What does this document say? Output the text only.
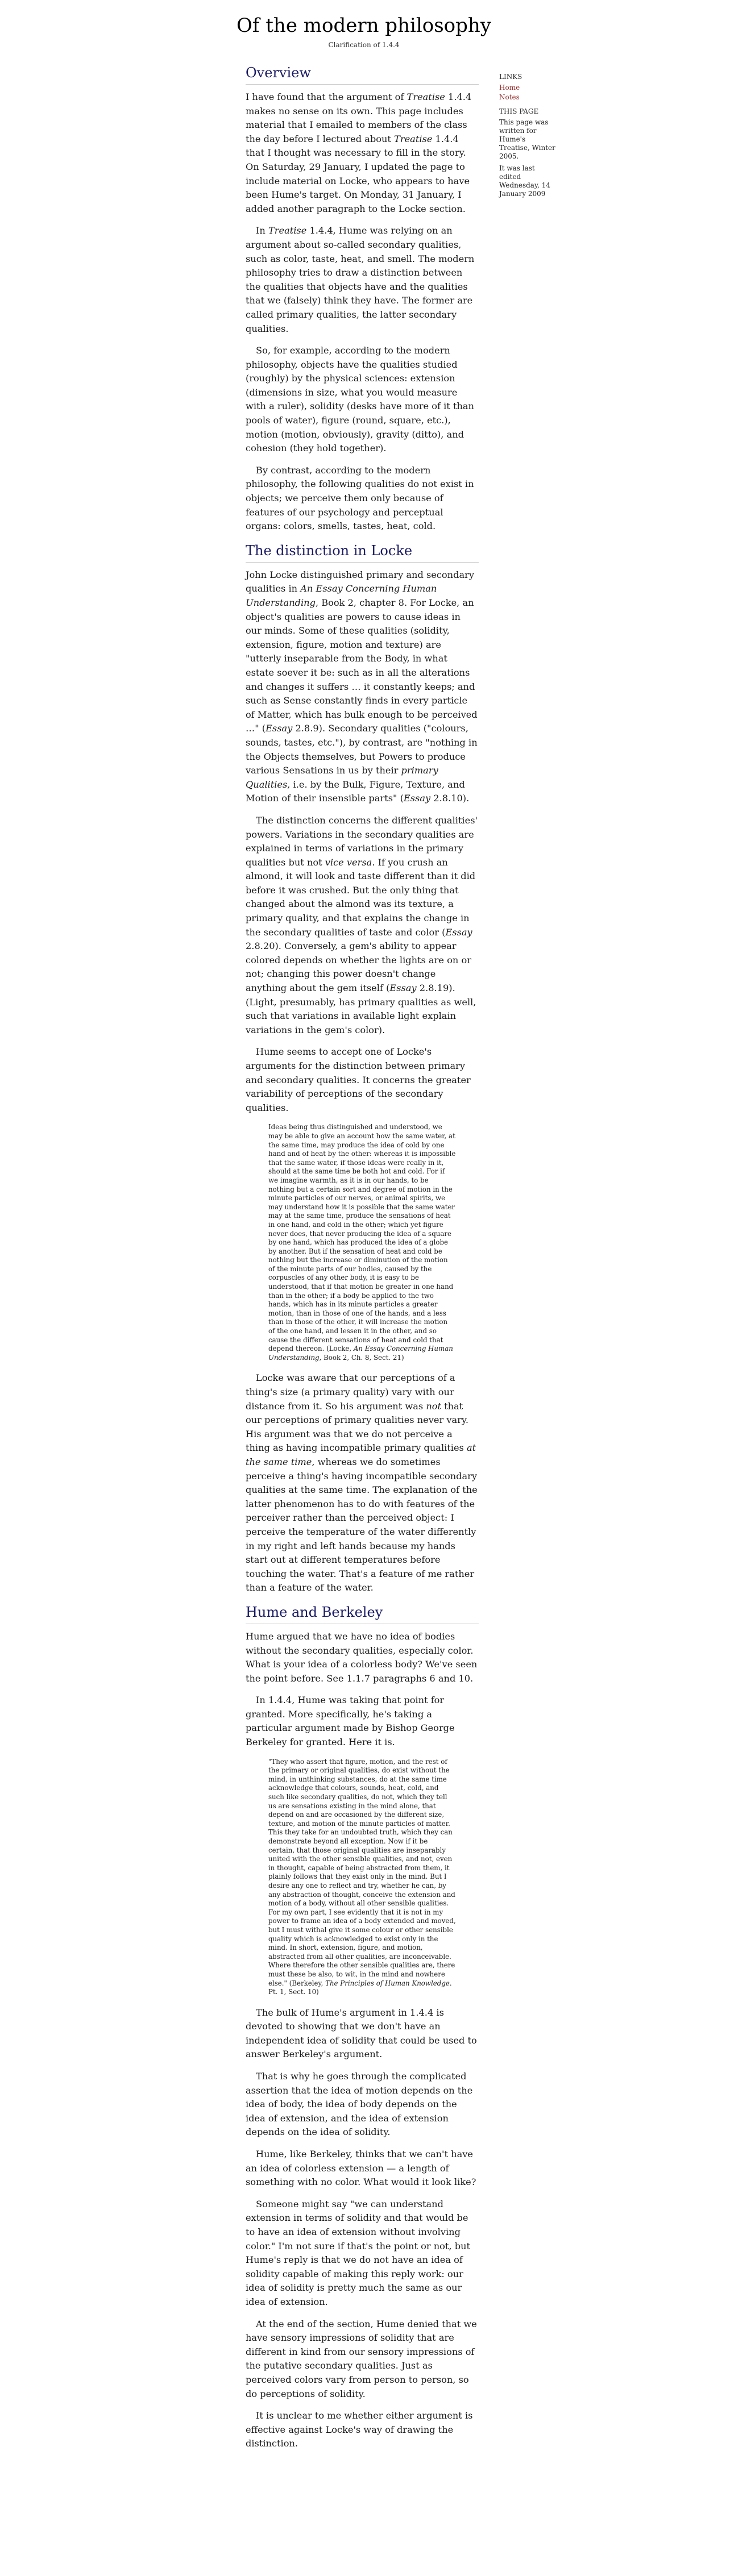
Of the modern philosophy
Clarification of 1.4.4
Overview

I have found that the argument of Treatise 1.4.4 makes no sense on its own. This page includes material that I emailed to members of the class the day before I lectured about Treatise 1.4.4 that I thought was necessary to fill in the story. On Saturday, 29 January, I updated the page to include material on Locke, who appears to have been Hume's target. On Monday, 31 January, I added another paragraph to the Locke section.

In Treatise 1.4.4, Hume was relying on an argument about so-called secondary qualities, such as color, taste, heat, and smell. The modern philosophy tries to draw a distinction between the qualities that objects have and the qualities that we (falsely) think they have. The former are called primary qualities, the latter secondary qualities.

So, for example, according to the modern philosophy, objects have the qualities studied (roughly) by the physical sciences: extension (dimensions in size, what you would measure with a ruler), solidity (desks have more of it than pools of water), figure (round, square, etc.), motion (motion, obviously), gravity (ditto), and cohesion (they hold together).

By contrast, according to the modern philosophy, the following qualities do not exist in objects; we perceive them only because of features of our psychology and perceptual organs: colors, smells, tastes, heat, cold.

The distinction in Locke

John Locke distinguished primary and secondary qualities in An Essay Concerning Human Understanding, Book 2, chapter 8. For Locke, an object's qualities are powers to cause ideas in our minds. Some of these qualities (solidity, extension, figure, motion and texture) are "utterly inseparable from the Body, in what estate soever it be: such as in all the alterations and changes it suffers … it constantly keeps; and such as Sense constantly finds in every particle of Matter, which has bulk enough to be perceived …" (Essay 2.8.9). Secondary qualities ("colours, sounds, tastes, etc."), by contrast, are "nothing in the Objects themselves, but Powers to produce various Sensations in us by their primary Qualities, i.e. by the Bulk, Figure, Texture, and Motion of their insensible parts" (Essay 2.8.10).

The distinction concerns the different qualities' powers. Variations in the secondary qualities are explained in terms of variations in the primary qualities but not vice versa. If you crush an almond, it will look and taste different than it did before it was crushed. But the only thing that changed about the almond was its texture, a primary quality, and that explains the change in the secondary qualities of taste and color (Essay 2.8.20). Conversely, a gem's ability to appear colored depends on whether the lights are on or not; changing this power doesn't change anything about the gem itself (Essay 2.8.19). (Light, presumably, has primary qualities as well, such that variations in available light explain variations in the gem's color).

Hume seems to accept one of Locke's arguments for the distinction between primary and secondary qualities. It concerns the greater variability of perceptions of the secondary qualities.

Ideas being thus distinguished and understood, we may be able to give an account how the same water, at the same time, may produce the idea of cold by one hand and of heat by the other: whereas it is impossible that the same water, if those ideas were really in it, should at the same time be both hot and cold. For if we imagine warmth, as it is in our hands, to be nothing but a certain sort and degree of motion in the minute particles of our nerves, or animal spirits, we may understand how it is possible that the same water may at the same time, produce the sensations of heat in one hand, and cold in the other; which yet figure never does, that never producing the idea of a square by one hand, which has produced the idea of a globe by another. But if the sensation of heat and cold be nothing but the increase or diminution of the motion of the minute parts of our bodies, caused by the corpuscles of any other body, it is easy to be understood, that if that motion be greater in one hand than in the other; if a body be applied to the two hands, which has in its minute particles a greater motion, than in those of one of the hands, and a less than in those of the other, it will increase the motion of the one hand, and lessen it in the other, and so cause the different sensations of heat and cold that depend thereon. (Locke, An Essay Concerning Human Understanding, Book 2, Ch. 8, Sect. 21)

Locke was aware that our perceptions of a thing's size (a primary quality) vary with our distance from it. So his argument was not that our perceptions of primary qualities never vary. His argument was that we do not perceive a thing as having incompatible primary qualities at the same time, whereas we do sometimes perceive a thing's having incompatible secondary qualities at the same time. The explanation of the latter phenomenon has to do with features of the perceiver rather than the perceived object: I perceive the temperature of the water differently in my right and left hands because my hands start out at different temperatures before touching the water. That's a feature of me rather than a feature of the water.

Hume and Berkeley

Hume argued that we have no idea of bodies without the secondary qualities, especially color. What is your idea of a colorless body? We've seen the point before. See 1.1.7 paragraphs 6 and 10.

In 1.4.4, Hume was taking that point for granted. More specifically, he's taking a particular argument made by Bishop George Berkeley for granted. Here it is.

"They who assert that figure, motion, and the rest of the primary or original qualities, do exist without the mind, in unthinking substances, do at the same time acknowledge that colours, sounds, heat, cold, and such like secondary qualities, do not, which they tell us are sensations existing in the mind alone, that depend on and are occasioned by the different size, texture, and motion of the minute particles of matter. This they take for an undoubted truth, which they can demonstrate beyond all exception. Now if it be certain, that those original qualities are inseparably united with the other sensible qualities, and not, even in thought, capable of being abstracted from them, it plainly follows that they exist only in the mind. But I desire any one to reflect and try, whether he can, by any abstraction of thought, conceive the extension and motion of a body, without all other sensible qualities. For my own part, I see evidently that it is not in my power to frame an idea of a body extended and moved, but I must withal give it some colour or other sensible quality which is acknowledged to exist only in the mind. In short, extension, figure, and motion, abstracted from all other qualities, are inconceivable. Where therefore the other sensible qualities are, there must these be also, to wit, in the mind and nowhere else." (Berkeley, The Principles of Human Knowledge. Pt. 1, Sect. 10)

The bulk of Hume's argument in 1.4.4 is devoted to showing that we don't have an independent idea of solidity that could be used to answer Berkeley's argument.

That is why he goes through the complicated assertion that the idea of motion depends on the idea of body, the idea of body depends on the idea of extension, and the idea of extension depends on the idea of solidity.

Hume, like Berkeley, thinks that we can't have an idea of colorless extension — a length of something with no color. What would it look like?

Someone might say "we can understand extension in terms of solidity and that would be to have an idea of extension without involving color." I'm not sure if that's the point or not, but Hume's reply is that we do not have an idea of solidity capable of making this reply work: our idea of solidity is pretty much the same as our idea of extension.

At the end of the section, Hume denied that we have sensory impressions of solidity that are different in kind from our sensory impressions of the putative secondary qualities. Just as perceived colors vary from person to person, so do perceptions of solidity.

It is unclear to me whether either argument is effective against Locke's way of drawing the distinction.

LINKS
Home
Notes
THIS PAGE
This page was written for Hume's Treatise, Winter 2005.
It was last edited Wednesday, 14 January 2009
